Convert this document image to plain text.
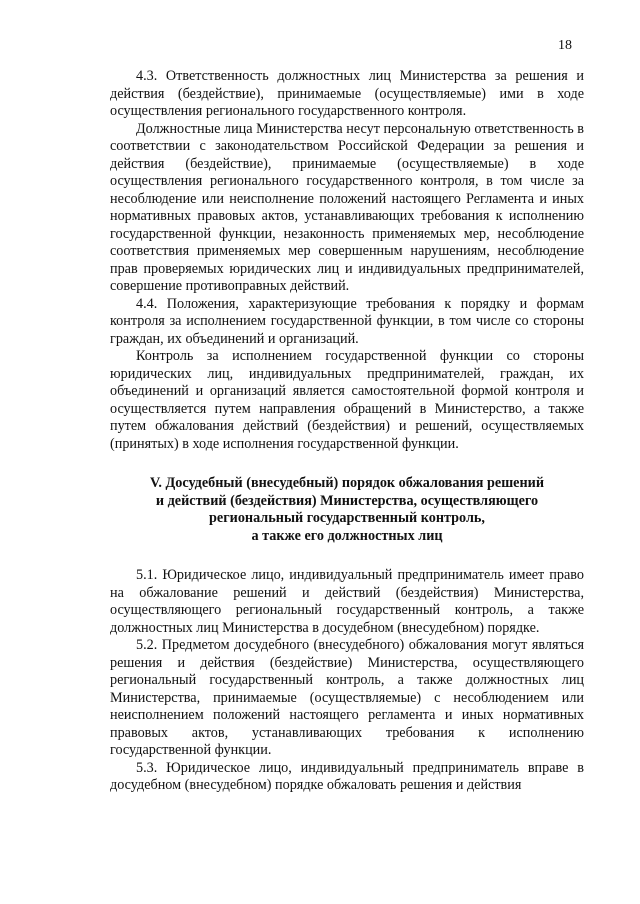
18

4.3. Ответственность должностных лиц Министерства за решения и действия (бездействие), принимаемые (осуществляемые) ими в ходе осуществления регионального государственного контроля.

Должностные лица Министерства несут персональную ответственность в соответствии с законодательством Российской Федерации за решения и действия (бездействие), принимаемые (осуществляемые) в ходе осуществления регионального государственного контроля, в том числе за несоблюдение или неисполнение положений настоящего Регламента и иных нормативных правовых актов, устанавливающих требования к исполнению государственной функции, незаконность применяемых мер, несоблюдение соответствия применяемых мер совершенным нарушениям, несоблюдение прав проверяемых юридических лиц и индивидуальных предпринимателей, совершение противоправных действий.

4.4. Положения, характеризующие требования к порядку и формам контроля за исполнением государственной функции, в том числе со стороны граждан, их объединений и организаций.

Контроль за исполнением государственной функции со стороны юридических лиц, индивидуальных предпринимателей, граждан, их объединений и организаций является самостоятельной формой контроля и осуществляется путем направления обращений в Министерство, а также путем обжалования действий (бездействия) и решений, осуществляемых (принятых) в ходе исполнения государственной функции.

V. Досудебный (внесудебный) порядок обжалования решений
и действий (бездействия) Министерства, осуществляющего
региональный государственный контроль,
а также его должностных лиц

5.1. Юридическое лицо, индивидуальный предприниматель имеет право на обжалование решений и действий (бездействия) Министерства, осуществляющего региональный государственный контроль, а также должностных лиц Министерства в досудебном (внесудебном) порядке.

5.2. Предметом досудебного (внесудебного) обжалования могут являться решения и действия (бездействие) Министерства, осуществляющего региональный государственный контроль, а также должностных лиц Министерства, принимаемые (осуществляемые) с несоблюдением или неисполнением положений настоящего регламента и иных нормативных правовых актов, устанавливающих требования к исполнению государственной функции.

5.3. Юридическое лицо, индивидуальный предприниматель вправе в досудебном (внесудебном) порядке обжаловать решения и действия
